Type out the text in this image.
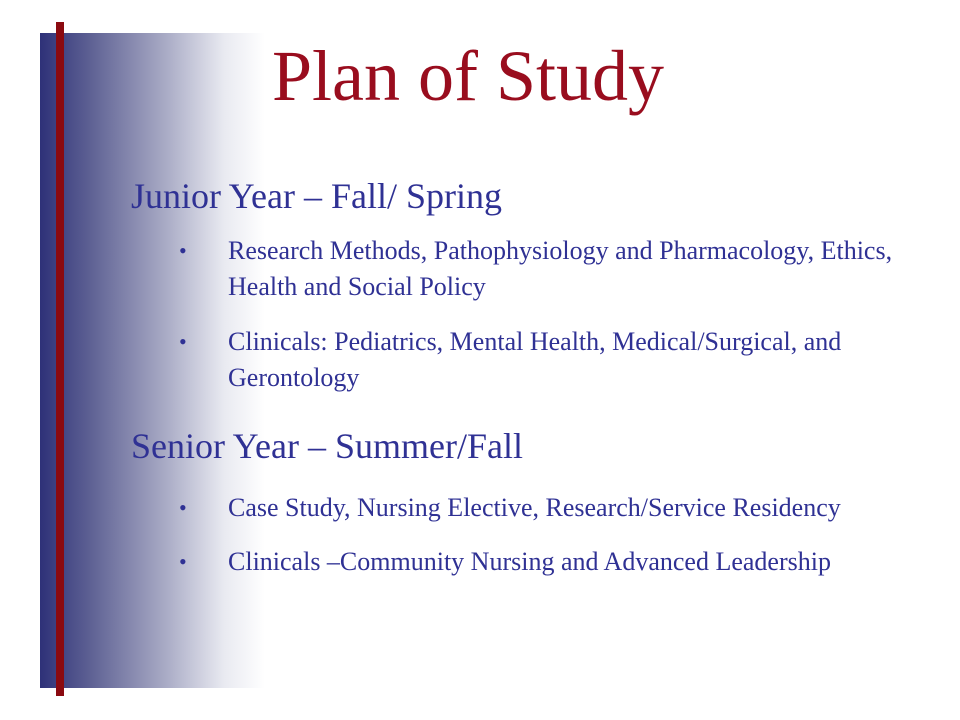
Plan of Study
Junior Year – Fall/ Spring
• Research Methods, Pathophysiology and Pharmacology, Ethics, Health and Social Policy
• Clinicals: Pediatrics, Mental Health, Medical/Surgical, and Gerontology
Senior Year – Summer/Fall
• Case Study, Nursing Elective, Research/Service Residency
• Clinicals –Community Nursing and Advanced Leadership
